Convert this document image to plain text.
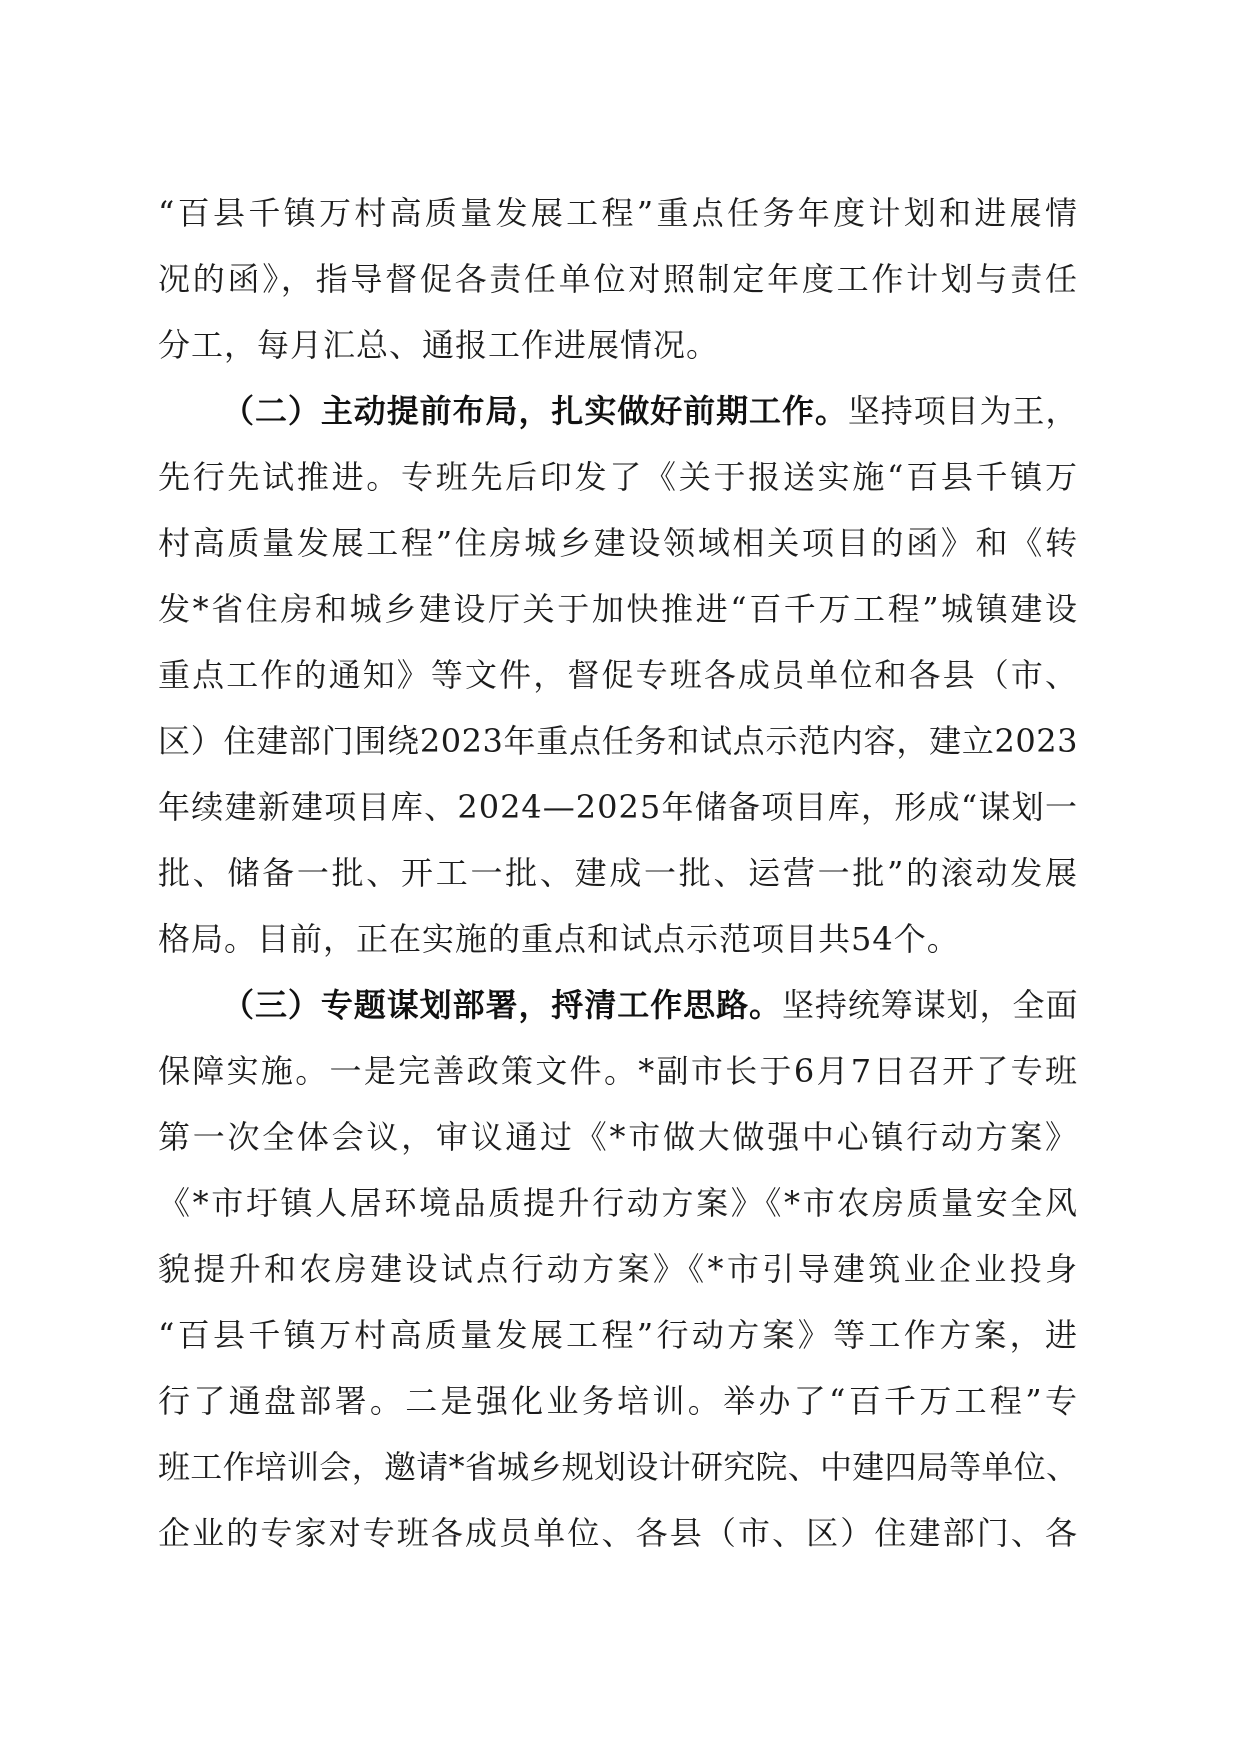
“百县千镇万村高质量发展工程”重点任务年度计划和进展情
况的函》，指导督促各责任单位对照制定年度工作计划与责任
分工，每月汇总、通报工作进展情况。
（二）主动提前布局，扎实做好前期工作。坚持项目为王，
先行先试推进。专班先后印发了《关于报送实施“百县千镇万
村高质量发展工程”住房城乡建设领域相关项目的函》和《转
发*省住房和城乡建设厅关于加快推进“百千万工程”城镇建设
重点工作的通知》等文件，督促专班各成员单位和各县（市、
区）住建部门围绕2023年重点任务和试点示范内容，建立2023
年续建新建项目库、2024—2025年储备项目库，形成“谋划一
批、储备一批、开工一批、建成一批、运营一批”的滚动发展
格局。目前，正在实施的重点和试点示范项目共54个。
（三）专题谋划部署，捋清工作思路。坚持统筹谋划，全面
保障实施。一是完善政策文件。*副市长于6月7日召开了专班
第一次全体会议，审议通过《*市做大做强中心镇行动方案》
《*市圩镇人居环境品质提升行动方案》《*市农房质量安全风
貌提升和农房建设试点行动方案》《*市引导建筑业企业投身
“百县千镇万村高质量发展工程”行动方案》等工作方案，进
行了通盘部署。二是强化业务培训。举办了“百千万工程”专
班工作培训会，邀请*省城乡规划设计研究院、中建四局等单位、
企业的专家对专班各成员单位、各县（市、区）住建部门、各
